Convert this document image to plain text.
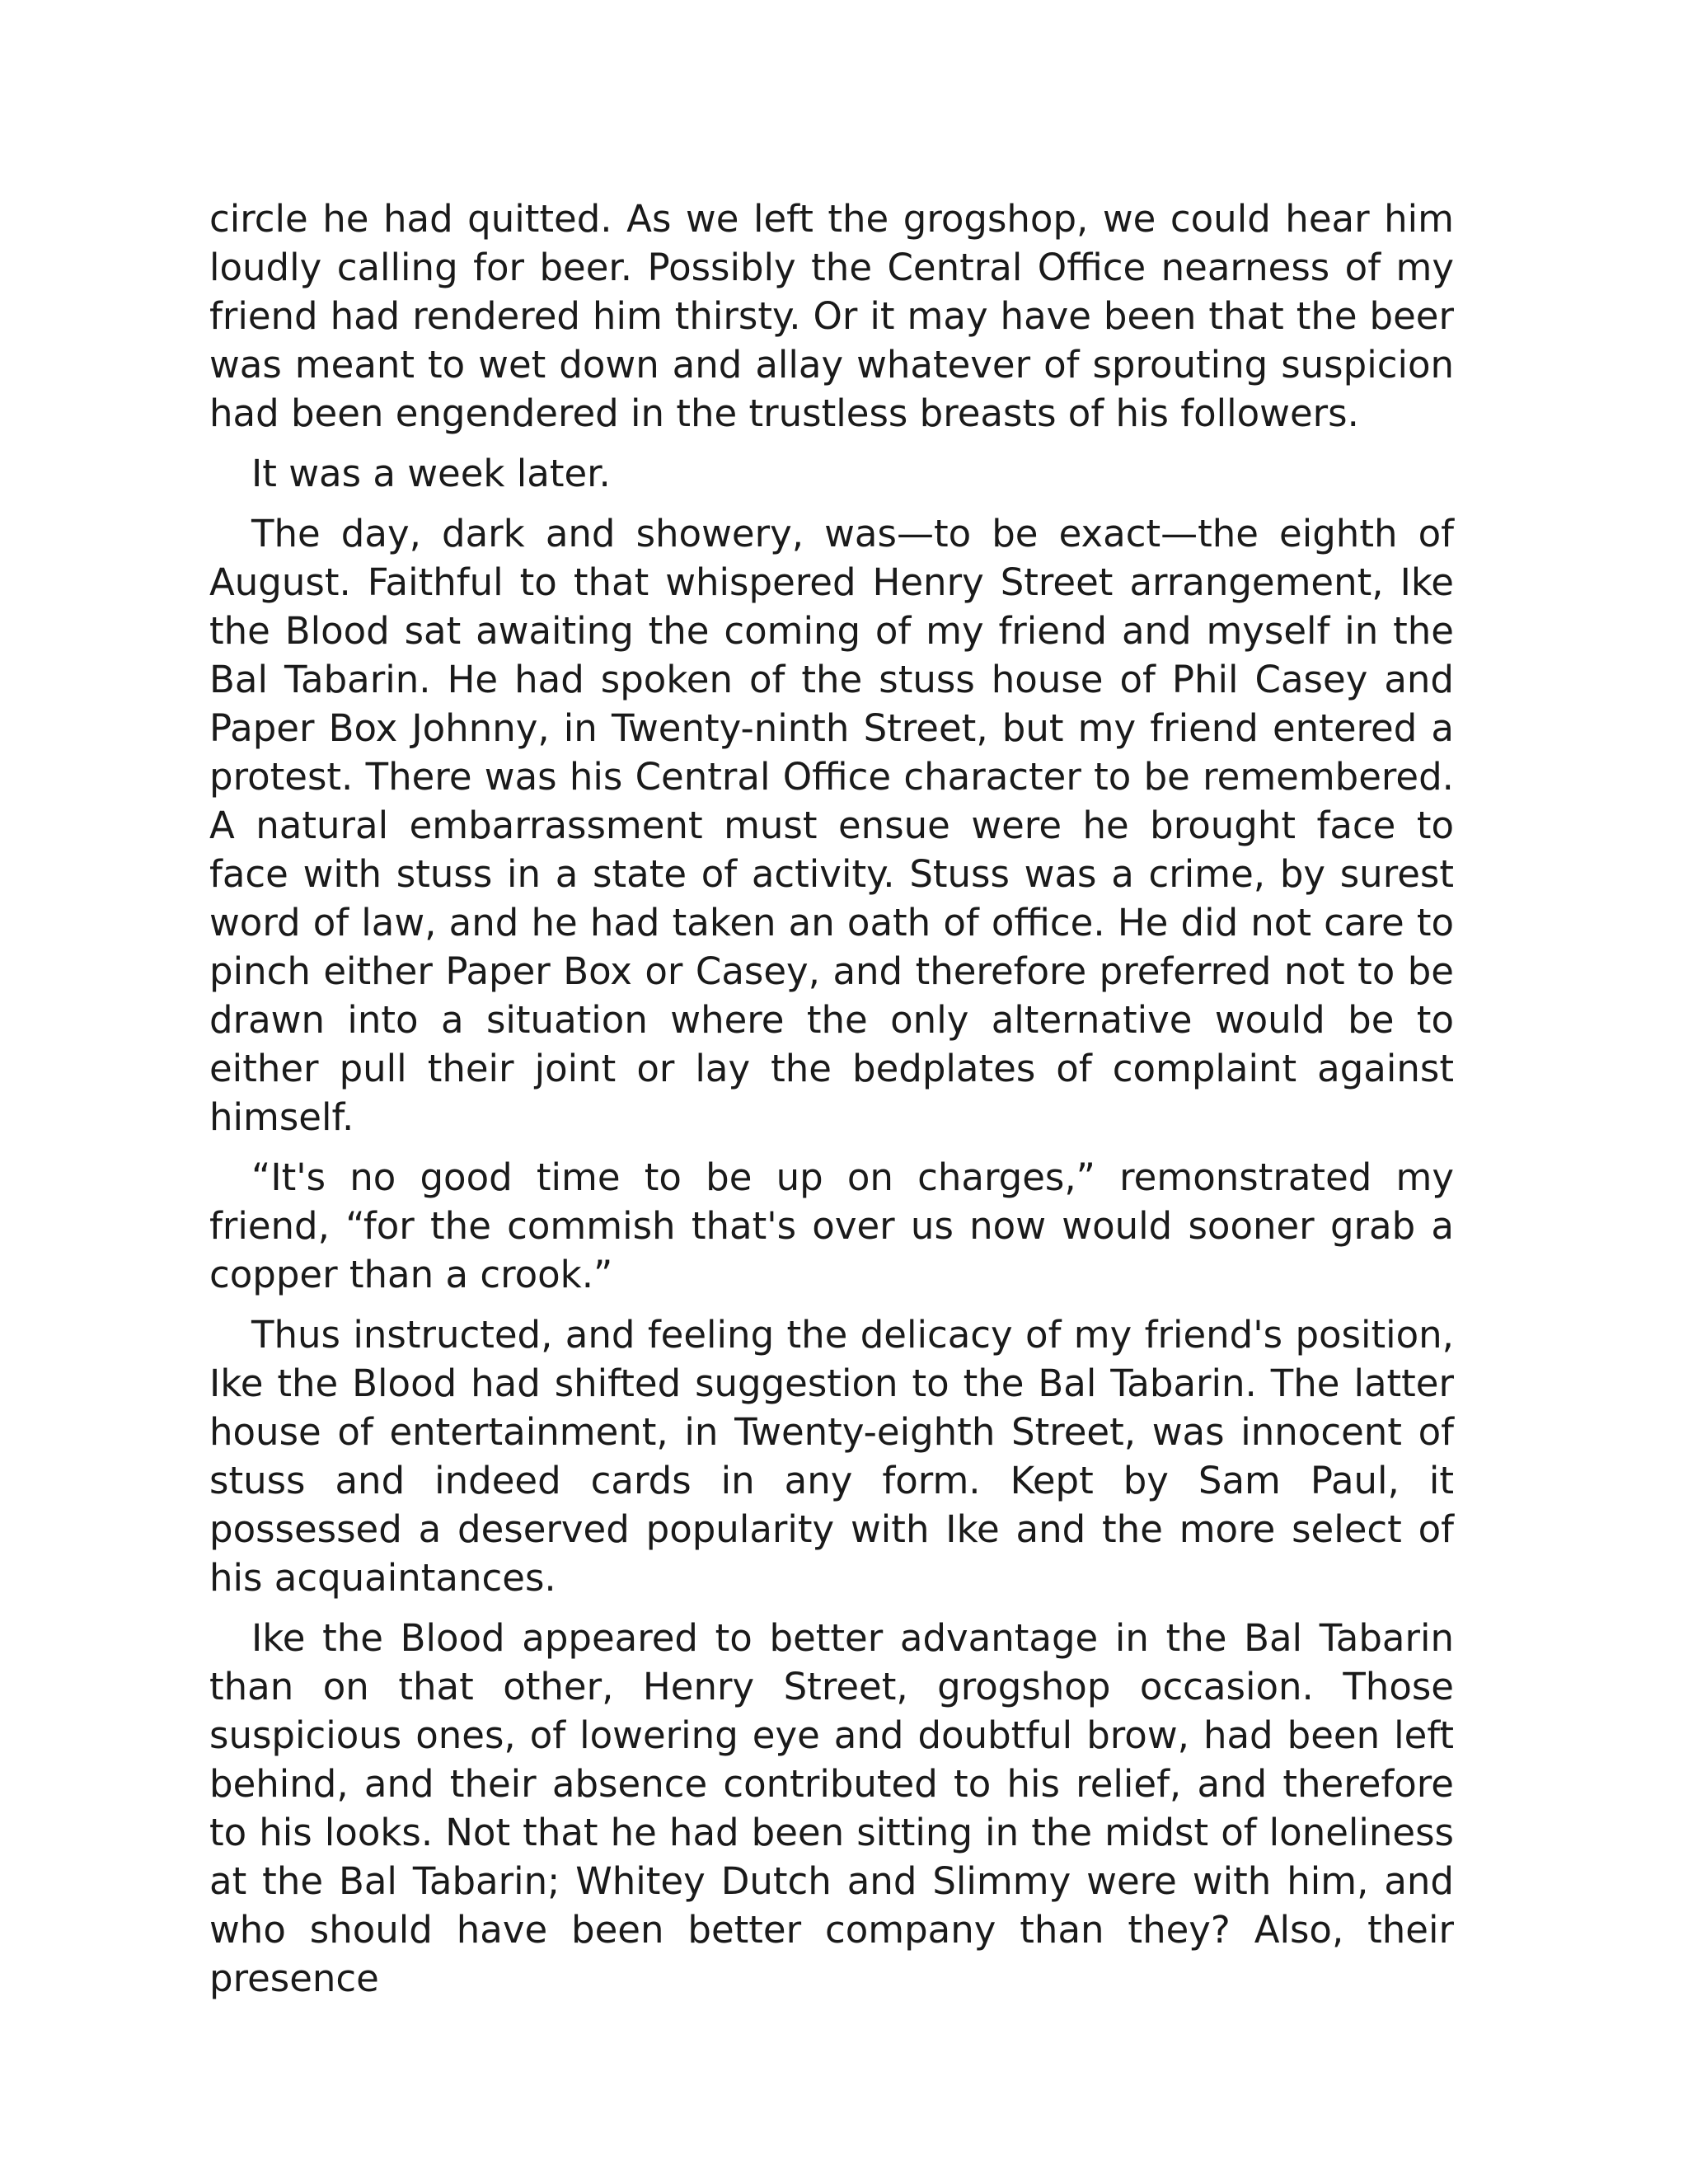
circle he had quitted. As we left the grogshop, we could hear him loudly calling for beer. Possibly the Central Office nearness of my friend had rendered him thirsty. Or it may have been that the beer was meant to wet down and allay whatever of sprouting suspicion had been engendered in the trustless breasts of his followers.

It was a week later.

The day, dark and showery, was—to be exact—the eighth of August. Faithful to that whispered Henry Street arrangement, Ike the Blood sat awaiting the coming of my friend and myself in the Bal Tabarin. He had spoken of the stuss house of Phil Casey and Paper Box Johnny, in Twenty-ninth Street, but my friend entered a protest. There was his Central Office character to be remembered. A natural embarrassment must ensue were he brought face to face with stuss in a state of activity. Stuss was a crime, by surest word of law, and he had taken an oath of office. He did not care to pinch either Paper Box or Casey, and therefore preferred not to be drawn into a situation where the only alternative would be to either pull their joint or lay the bedplates of complaint against himself.

“It's no good time to be up on charges,” remonstrated my friend, “for the commish that's over us now would sooner grab a copper than a crook.”

Thus instructed, and feeling the delicacy of my friend's position, Ike the Blood had shifted suggestion to the Bal Tabarin. The latter house of entertainment, in Twenty-eighth Street, was innocent of stuss and indeed cards in any form. Kept by Sam Paul, it possessed a deserved popularity with Ike and the more select of his acquaintances.

Ike the Blood appeared to better advantage in the Bal Tabarin than on that other, Henry Street, grogshop occasion. Those suspicious ones, of lowering eye and doubtful brow, had been left behind, and their absence contributed to his relief, and therefore to his looks. Not that he had been sitting in the midst of loneliness at the Bal Tabarin; Whitey Dutch and Slimmy were with him, and who should have been better company than they? Also, their presence
